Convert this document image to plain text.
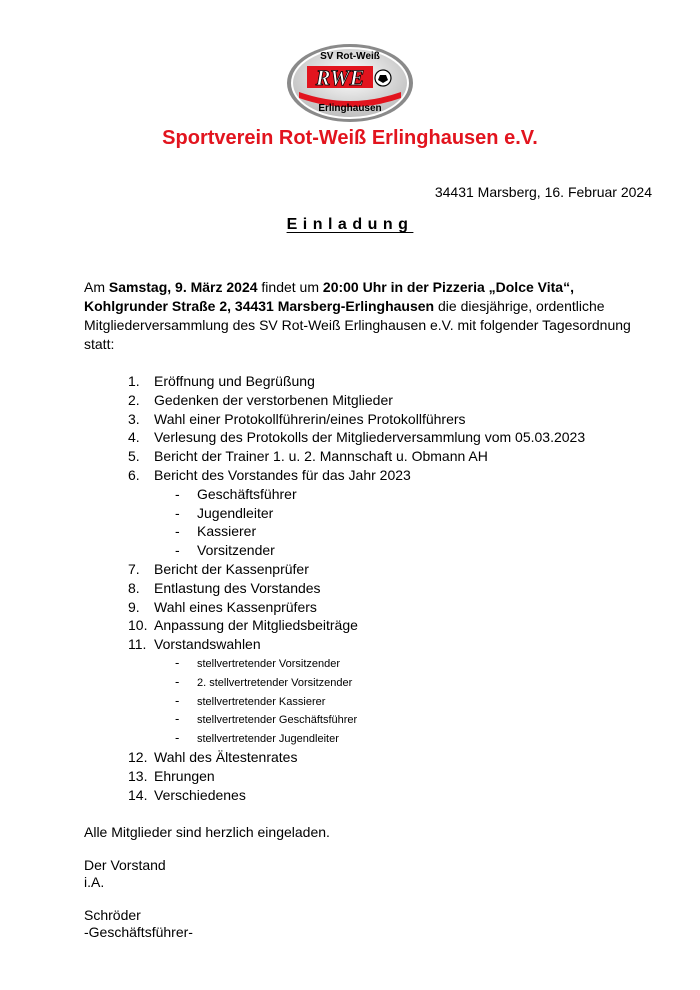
SV Rot-Weiß
RWE
Erlinghausen
Sportverein Rot-Weiß Erlinghausen e.V.
34431 Marsberg, 16. Februar 2024
Einladung

Am Samstag, 9. März 2024 findet um 20:00 Uhr in der Pizzeria „Dolce Vita“, Kohlgrunder Straße 2, 34431 Marsberg-Erlinghausen die diesjährige, ordentliche Mitgliederversammlung des SV Rot-Weiß Erlinghausen e.V. mit folgender Tagesordnung statt:

1. Eröffnung und Begrüßung
2. Gedenken der verstorbenen Mitglieder
3. Wahl einer Protokollführerin/eines Protokollführers
4. Verlesung des Protokolls der Mitgliederversammlung vom 05.03.2023
5. Bericht der Trainer 1. u. 2. Mannschaft u. Obmann AH
6. Bericht des Vorstandes für das Jahr 2023
- Geschäftsführer
- Jugendleiter
- Kassierer
- Vorsitzender
7. Bericht der Kassenprüfer
8. Entlastung des Vorstandes
9. Wahl eines Kassenprüfers
10. Anpassung der Mitgliedsbeiträge
11. Vorstandswahlen
- stellvertretender Vorsitzender
- 2. stellvertretender Vorsitzender
- stellvertretender Kassierer
- stellvertretender Geschäftsführer
- stellvertretender Jugendleiter
12. Wahl des Ältestenrates
13. Ehrungen
14. Verschiedenes

Alle Mitglieder sind herzlich eingeladen.

Der Vorstand
i.A.

Schröder
-Geschäftsführer-
